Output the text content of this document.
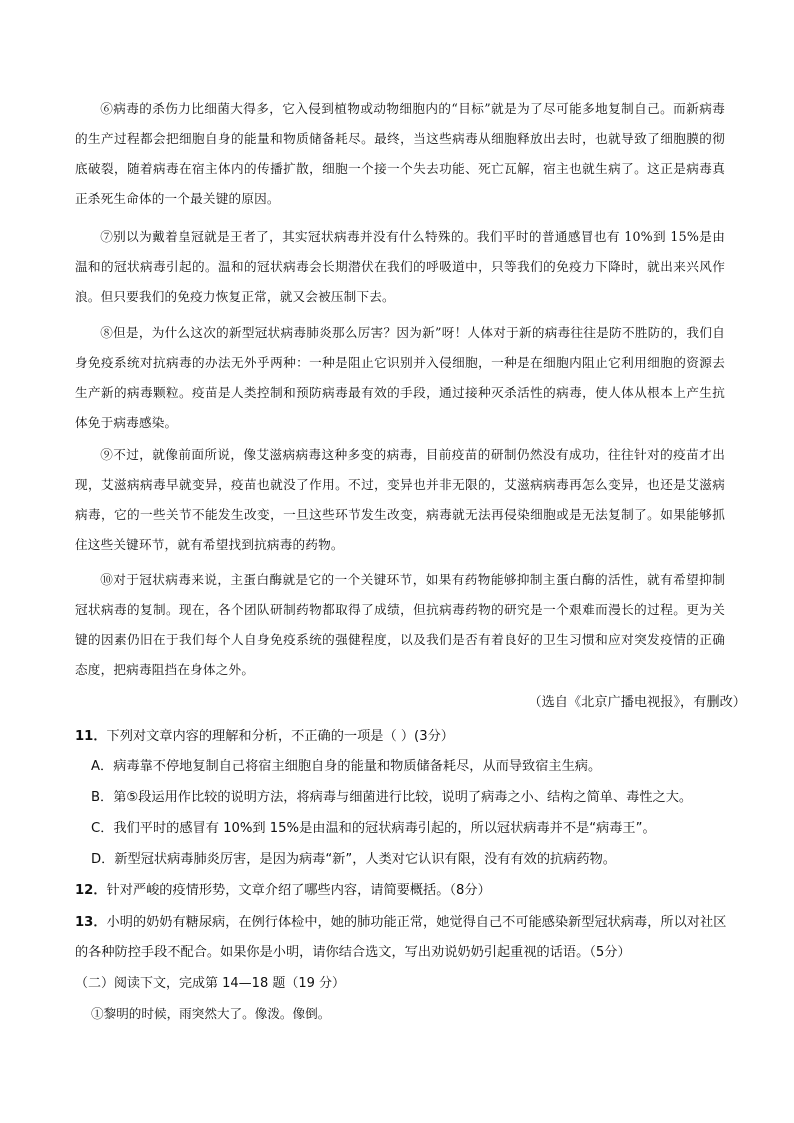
⑥病毒的杀伤力比细菌大得多，它入侵到植物或动物细胞内的“目标”就是为了尽可能多地复制自己。而新病毒的生产过程都会把细胞自身的能量和物质储备耗尽。最终，当这些病毒从细胞释放出去时，也就导致了细胞膜的彻底破裂，随着病毒在宿主体内的传播扩散，细胞一个接一个失去功能、死亡瓦解，宿主也就生病了。这正是病毒真正杀死生命体的一个最关键的原因。

⑦别以为戴着皇冠就是王者了，其实冠状病毒并没有什么特殊的。我们平时的普通感冒也有 10%到 15%是由温和的冠状病毒引起的。温和的冠状病毒会长期潜伏在我们的呼吸道中，只等我们的免疫力下降时，就出来兴风作浪。但只要我们的免疫力恢复正常，就又会被压制下去。

⑧但是，为什么这次的新型冠状病毒肺炎那么厉害？因为新”呀！人体对于新的病毒往往是防不胜防的，我们自身免疫系统对抗病毒的办法无外乎两种：一种是阻止它识别并入侵细胞，一种是在细胞内阻止它利用细胞的资源去生产新的病毒颗粒。疫苗是人类控制和预防病毒最有效的手段，通过接种灭杀活性的病毒，使人体从根本上产生抗体免于病毒感染。

⑨不过，就像前面所说，像艾滋病病毒这种多变的病毒，目前疫苗的研制仍然没有成功，往往针对的疫苗才出现，艾滋病病毒早就变异，疫苗也就没了作用。不过，变异也并非无限的，艾滋病病毒再怎么变异，也还是艾滋病病毒，它的一些关节不能发生改变，一旦这些环节发生改变，病毒就无法再侵染细胞或是无法复制了。如果能够抓住这些关键环节，就有希望找到抗病毒的药物。

⑩对于冠状病毒来说，主蛋白酶就是它的一个关键环节，如果有药物能够抑制主蛋白酶的活性，就有希望抑制冠状病毒的复制。现在，各个团队研制药物都取得了成绩，但抗病毒药物的研究是一个艰难而漫长的过程。更为关键的因素仍旧在于我们每个人自身免疫系统的强健程度，以及我们是否有着良好的卫生习惯和应对突发疫情的正确态度，把病毒阻挡在身体之外。

（选自《北京广播电视报》，有删改）
11．下列对文章内容的理解和分析，不正确的一项是（ ）(3分）
A．病毒靠不停地复制自己将宿主细胞自身的能量和物质储备耗尽，从而导致宿主生病。
B．第⑤段运用作比较的说明方法，将病毒与细菌进行比较，说明了病毒之小、结构之简单、毒性之大。
C．我们平时的感冒有 10%到 15%是由温和的冠状病毒引起的，所以冠状病毒并不是“病毒王”。
D．新型冠状病毒肺炎厉害，是因为病毒“新”，人类对它认识有限，没有有效的抗病药物。
12．针对严峻的疫情形势，文章介绍了哪些内容，请简要概括。（8分）
13．小明的奶奶有糖尿病，在例行体检中，她的肺功能正常，她觉得自己不可能感染新型冠状病毒，所以对社区的各种防控手段不配合。如果你是小明，请你结合选文，写出劝说奶奶引起重视的话语。（5分）
（二）阅读下文，完成第 14—18 题（19 分）
①黎明的时候，雨突然大了。像泼。像倒。
